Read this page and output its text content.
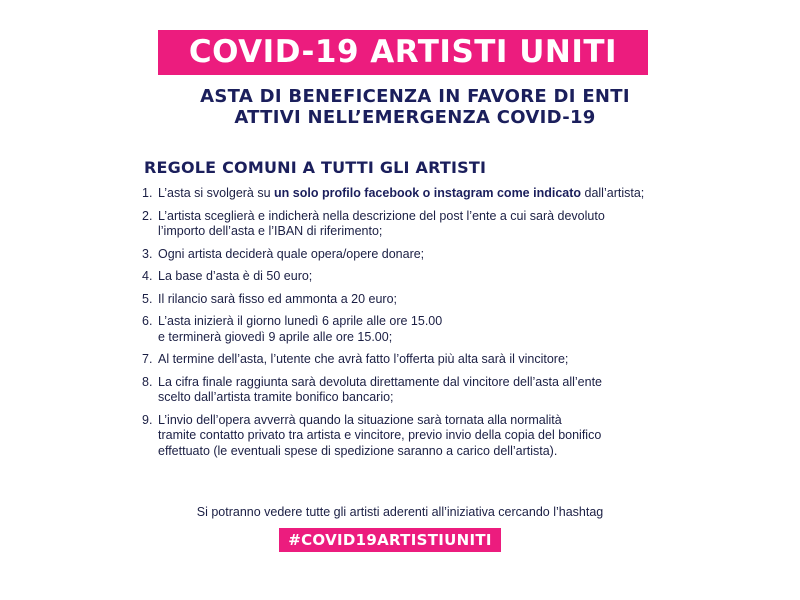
COVID-19 ARTISTI UNITI
ASTA DI BENEFICENZA IN FAVORE DI ENTI
ATTIVI NELL’EMERGENZA COVID-19
REGOLE COMUNI A TUTTI GLI ARTISTI
1. L’asta si svolgerà su un solo profilo facebook o instagram come indicato dall’artista;
2. L’artista sceglierà e indicherà nella descrizione del post l’ente a cui sarà devoluto
l’importo dell’asta e l’IBAN di riferimento;
3. Ogni artista deciderà quale opera/opere donare;
4. La base d’asta è di 50 euro;
5. Il rilancio sarà fisso ed ammonta a 20 euro;
6. L’asta inizierà il giorno lunedì 6 aprile alle ore 15.00
e terminerà giovedì 9 aprile alle ore 15.00;
7. Al termine dell’asta, l’utente che avrà fatto l’offerta più alta sarà il vincitore;
8. La cifra finale raggiunta sarà devoluta direttamente dal vincitore dell’asta all’ente
scelto dall’artista tramite bonifico bancario;
9. L’invio dell’opera avverrà quando la situazione sarà tornata alla normalità
tramite contatto privato tra artista e vincitore, previo invio della copia del bonifico
effettuato (le eventuali spese di spedizione saranno a carico dell’artista).
Si potranno vedere tutte gli artisti aderenti all’iniziativa cercando l’hashtag
#COVID19ARTISTIUNITI
